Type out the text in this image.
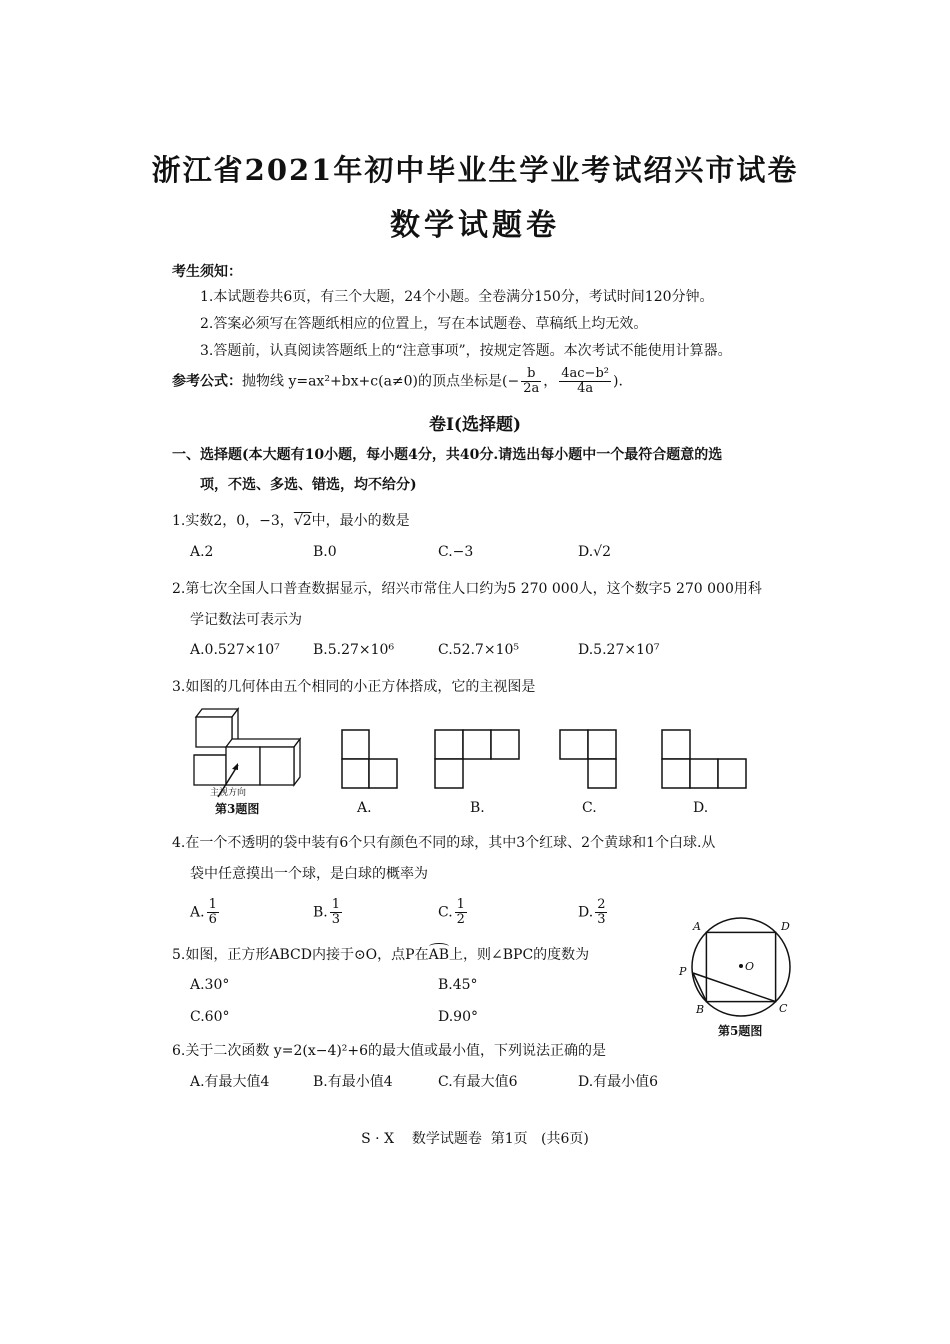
浙江省2021年初中毕业生学业考试绍兴市试卷
数学试题卷
考生须知：
1.本试题卷共6页，有三个大题，24个小题。全卷满分150分，考试时间120分钟。
2.答案必须写在答题纸相应的位置上，写在本试题卷、草稿纸上均无效。
3.答题前，认真阅读答题纸上的“注意事项”，按规定答题。本次考试不能使用计算器。
参考公式：抛物线 y=ax²+bx+c(a≠0)的顶点坐标是(− $\frac{b}{2a}$ ， $\frac{\text{4ac−b²}}{4a}$ ).
卷Ⅰ(选择题)
一、选择题(本大题有10小题，每小题4分，共40分.请选出每小题中一个最符合题意的选
项，不选、多选、错选，均不给分)
1.实数2，0，−3，√2中，最小的数是
A.2	B.0	C.−3	D.√2
2.第七次全国人口普查数据显示，绍兴市常住人口约为5 270 000人，这个数字5 270 000用科
学记数法可表示为
A.0.527×10⁷ B.5.27×10⁶	C.52.7×10⁵	D.5.27×10⁷
3.如图的几何体由五个相同的小正方体搭成，它的主视图是
主视方向
第3题图	A.	B.	C.	D.
4.在一个不透明的袋中装有6个只有颜色不同的球，其中3个红球、2个黄球和1个白球.从
袋中任意摸出一个球，是白球的概率为
A. $\frac{1}{6}$	B. $\frac{1}{3}$	C. $\frac{1}{2}$	D. $\frac{2}{3}$
5.如图，正方形ABCD内接于⊙O，点P在AB上，则∠BPC的度数为
A.30°	B.45°
C.60°	D.90°
A	D
P	O
B	C
第5题图
6.关于二次函数 y=2(x−4)²+6的最大值或最小值，下列说法正确的是
A.有最大值4	B.有最小值4	C.有最大值6	D.有最小值6
S · X    数学试题卷  第1页   (共6页)
